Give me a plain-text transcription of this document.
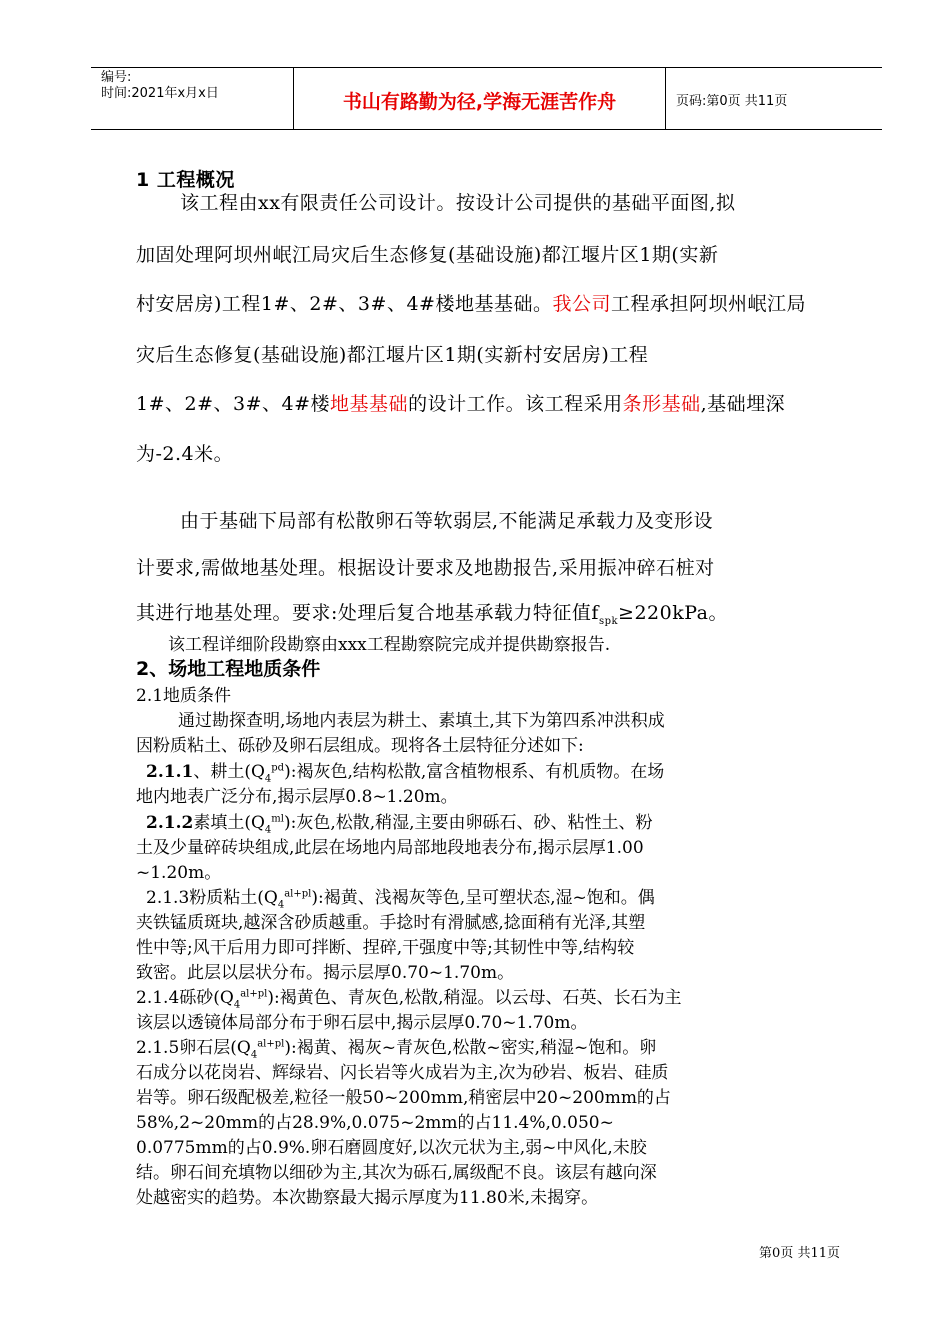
编号:
时间:2021年x月x日	书山有路勤为径,学海无涯苦作舟	页码:第0页 共11页
1 工程概况
该工程由xx有限责任公司设计。按设计公司提供的基础平面图,拟
加固处理阿坝州岷江局灾后生态修复(基础设施)都江堰片区1期(实新
村安居房)工程1#、2#、3#、4#楼地基基础。我公司工程承担阿坝州岷江局
灾后生态修复(基础设施)都江堰片区1期(实新村安居房)工程
1#、2#、3#、4#楼地基基础的设计工作。该工程采用条形基础,基础埋深
为-2.4米。
由于基础下局部有松散卵石等软弱层,不能满足承载力及变形设
计要求,需做地基处理。根据设计要求及地勘报告,采用振冲碎石桩对
其进行地基处理。要求:处理后复合地基承载力特征值$f_{spk}\ge 220kPa$。
该工程详细阶段勘察由xxx工程勘察院完成并提供勘察报告.
2、场地工程地质条件
2.1地质条件
通过勘探查明,场地内表层为耕土、素填土,其下为第四系冲洪积成
因粉质粘土、砾砂及卵石层组成。现将各土层特征分述如下:
2.1.1、耕土$(Q_4^{pd})$:褐灰色,结构松散,富含植物根系、有机质物。在场
地内地表广泛分布,揭示层厚0.8~1.20m。
2.1.2素填土$(Q_4^{ml})$:灰色,松散,稍湿,主要由卵砾石、砂、粘性土、粉
土及少量碎砖块组成,此层在场地内局部地段地表分布,揭示层厚1.00
~1.20m。
2.1.3粉质粘土$(Q_4^{al+pl})$:褐黄、浅褐灰等色,呈可塑状态,湿~饱和。偶
夹铁锰质斑块,越深含砂质越重。手捻时有滑腻感,捻面稍有光泽,其塑
性中等;风干后用力即可拌断、捏碎,干强度中等;其韧性中等,结构较
致密。此层以层状分布。揭示层厚0.70~1.70m。
2.1.4砾砂$(Q_4^{al+pl})$:褐黄色、青灰色,松散,稍湿。以云母、石英、长石为主
该层以透镜体局部分布于卵石层中,揭示层厚0.70~1.70m。
2.1.5卵石层$(Q_4^{al+pl})$:褐黄、褐灰~青灰色,松散~密实,稍湿~饱和。卵
石成分以花岗岩、辉绿岩、闪长岩等火成岩为主,次为砂岩、板岩、硅质
岩等。卵石级配极差,粒径一般50~200mm,稍密层中20~200mm的占
58%,2~20mm的占28.9%,0.075~2mm的占11.4%,0.050~
0.0775mm的占0.9%.卵石磨圆度好,以次元状为主,弱~中风化,未胶
结。卵石间充填物以细砂为主,其次为砾石,属级配不良。该层有越向深
处越密实的趋势。本次勘察最大揭示厚度为11.80米,未揭穿。
第0页 共11页
